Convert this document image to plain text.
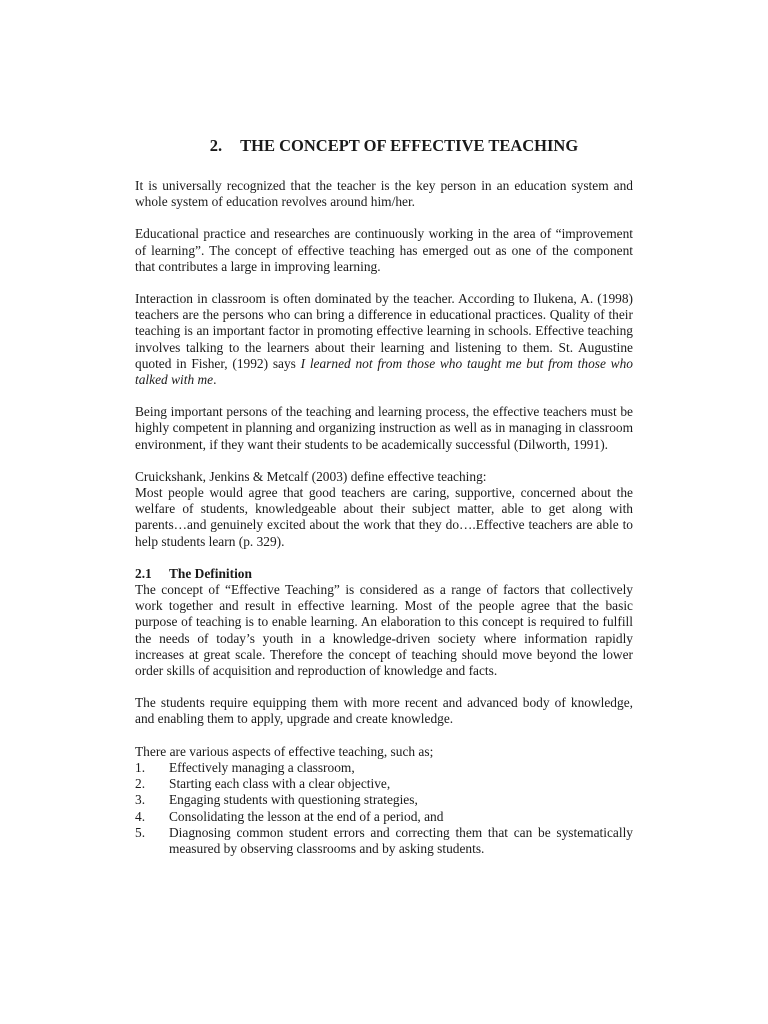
2. THE CONCEPT OF EFFECTIVE TEACHING

It is universally recognized that the teacher is the key person in an education system and whole system of education revolves around him/her.

Educational practice and researches are continuously working in the area of “improvement of learning”. The concept of effective teaching has emerged out as one of the component that contributes a large in improving learning.

Interaction in classroom is often dominated by the teacher. According to Ilukena, A. (1998) teachers are the persons who can bring a difference in educational practices. Quality of their teaching is an important factor in promoting effective learning in schools. Effective teaching involves talking to the learners about their learning and listening to them. St. Augustine quoted in Fisher, (1992) says I learned not from those who taught me but from those who talked with me.

Being important persons of the teaching and learning process, the effective teachers must be highly competent in planning and organizing instruction as well as in managing in classroom environment, if they want their students to be academically successful (Dilworth, 1991).

Cruickshank, Jenkins & Metcalf (2003) define effective teaching:

Most people would agree that good teachers are caring, supportive, concerned about the welfare of students, knowledgeable about their subject matter, able to get along with parents…and genuinely excited about the work that they do….Effective teachers are able to help students learn (p. 329).

2.1 The Definition

The concept of “Effective Teaching” is considered as a range of factors that collectively work together and result in effective learning. Most of the people agree that the basic purpose of teaching is to enable learning. An elaboration to this concept is required to fulfill the needs of today’s youth in a knowledge-driven society where information rapidly increases at great scale. Therefore the concept of teaching should move beyond the lower order skills of acquisition and reproduction of knowledge and facts.

The students require equipping them with more recent and advanced body of knowledge, and enabling them to apply, upgrade and create knowledge.

There are various aspects of effective teaching, such as;

1.	Effectively managing a classroom,
2.	Starting each class with a clear objective,
3.	Engaging students with questioning strategies,
4.	Consolidating the lesson at the end of a period, and
5.	Diagnosing common student errors and correcting them that can be systematically measured by observing classrooms and by asking students.
